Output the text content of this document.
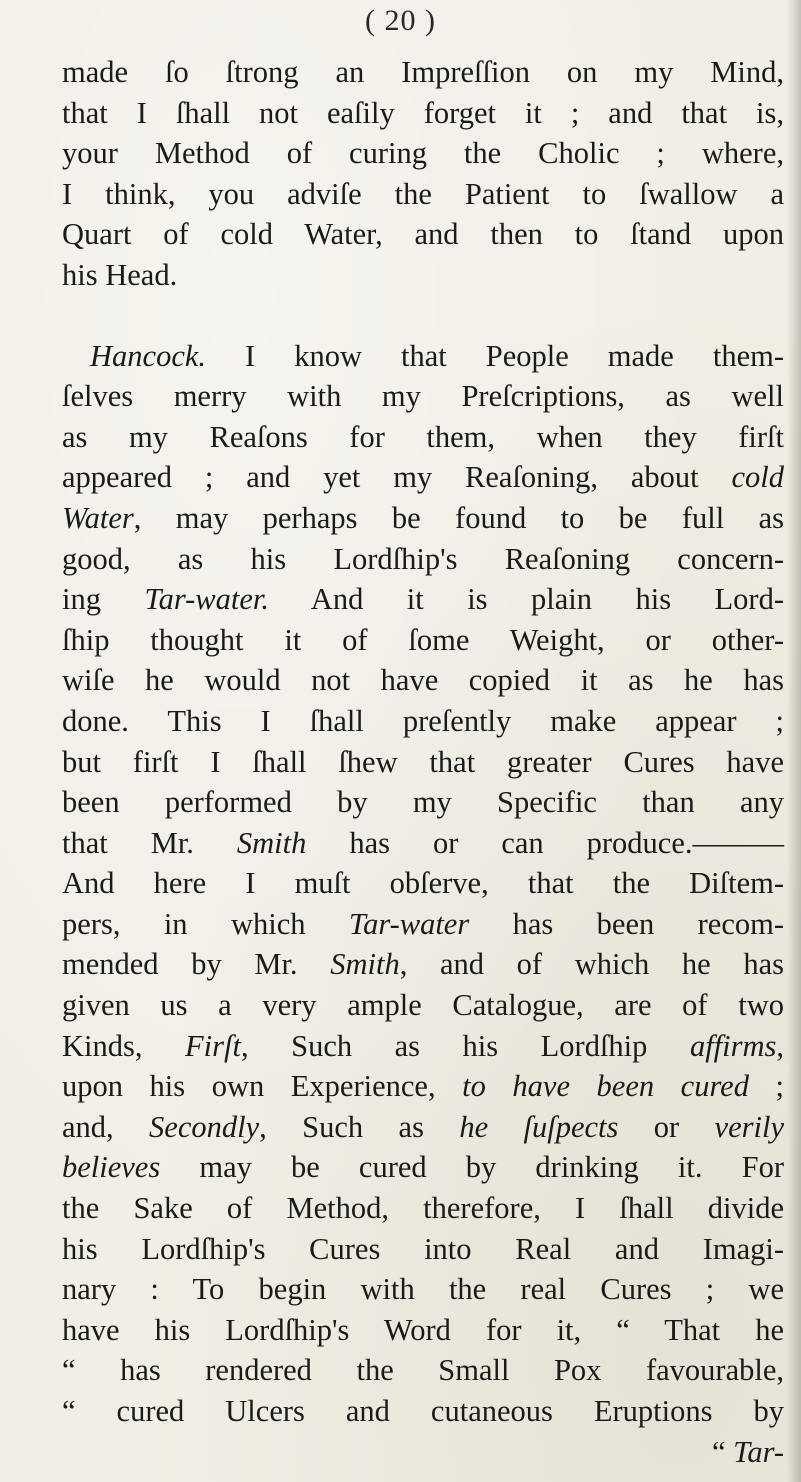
( 20 )
made ſo ſtrong an Impreſſion on my Mind,
that I ſhall not eaſily forget it ; and that is,
your Method of curing the Cholic ; where,
I think, you adviſe the Patient to ſwallow a
Quart of cold Water, and then to ſtand upon
his Head.
Hancock. I know that People made them-
ſelves merry with my Preſcriptions, as well
as my Reaſons for them, when they firſt
appeared ; and yet my Reaſoning, about cold
Water, may perhaps be found to be full as
good, as his Lordſhip's Reaſoning concern-
ing Tar-water. And it is plain his Lord-
ſhip thought it of ſome Weight, or other-
wiſe he would not have copied it as he has
done. This I ſhall preſently make appear ;
but firſt I ſhall ſhew that greater Cures have
been performed by my Specific than any
that Mr. Smith has or can produce.———
And here I muſt obſerve, that the Diſtem-
pers, in which Tar-water has been recom-
mended by Mr. Smith, and of which he has
given us a very ample Catalogue, are of two
Kinds, Firſt, Such as his Lordſhip affirms,
upon his own Experience, to have been cured ;
and, Secondly, Such as he ſuſpects or verily
believes may be cured by drinking it. For
the Sake of Method, therefore, I ſhall divide
his Lordſhip's Cures into Real and Imagi-
nary : To begin with the real Cures ; we
have his Lordſhip's Word for it, “ That he
“ has rendered the Small Pox favourable,
“ cured Ulcers and cutaneous Eruptions by
“ Tar-
